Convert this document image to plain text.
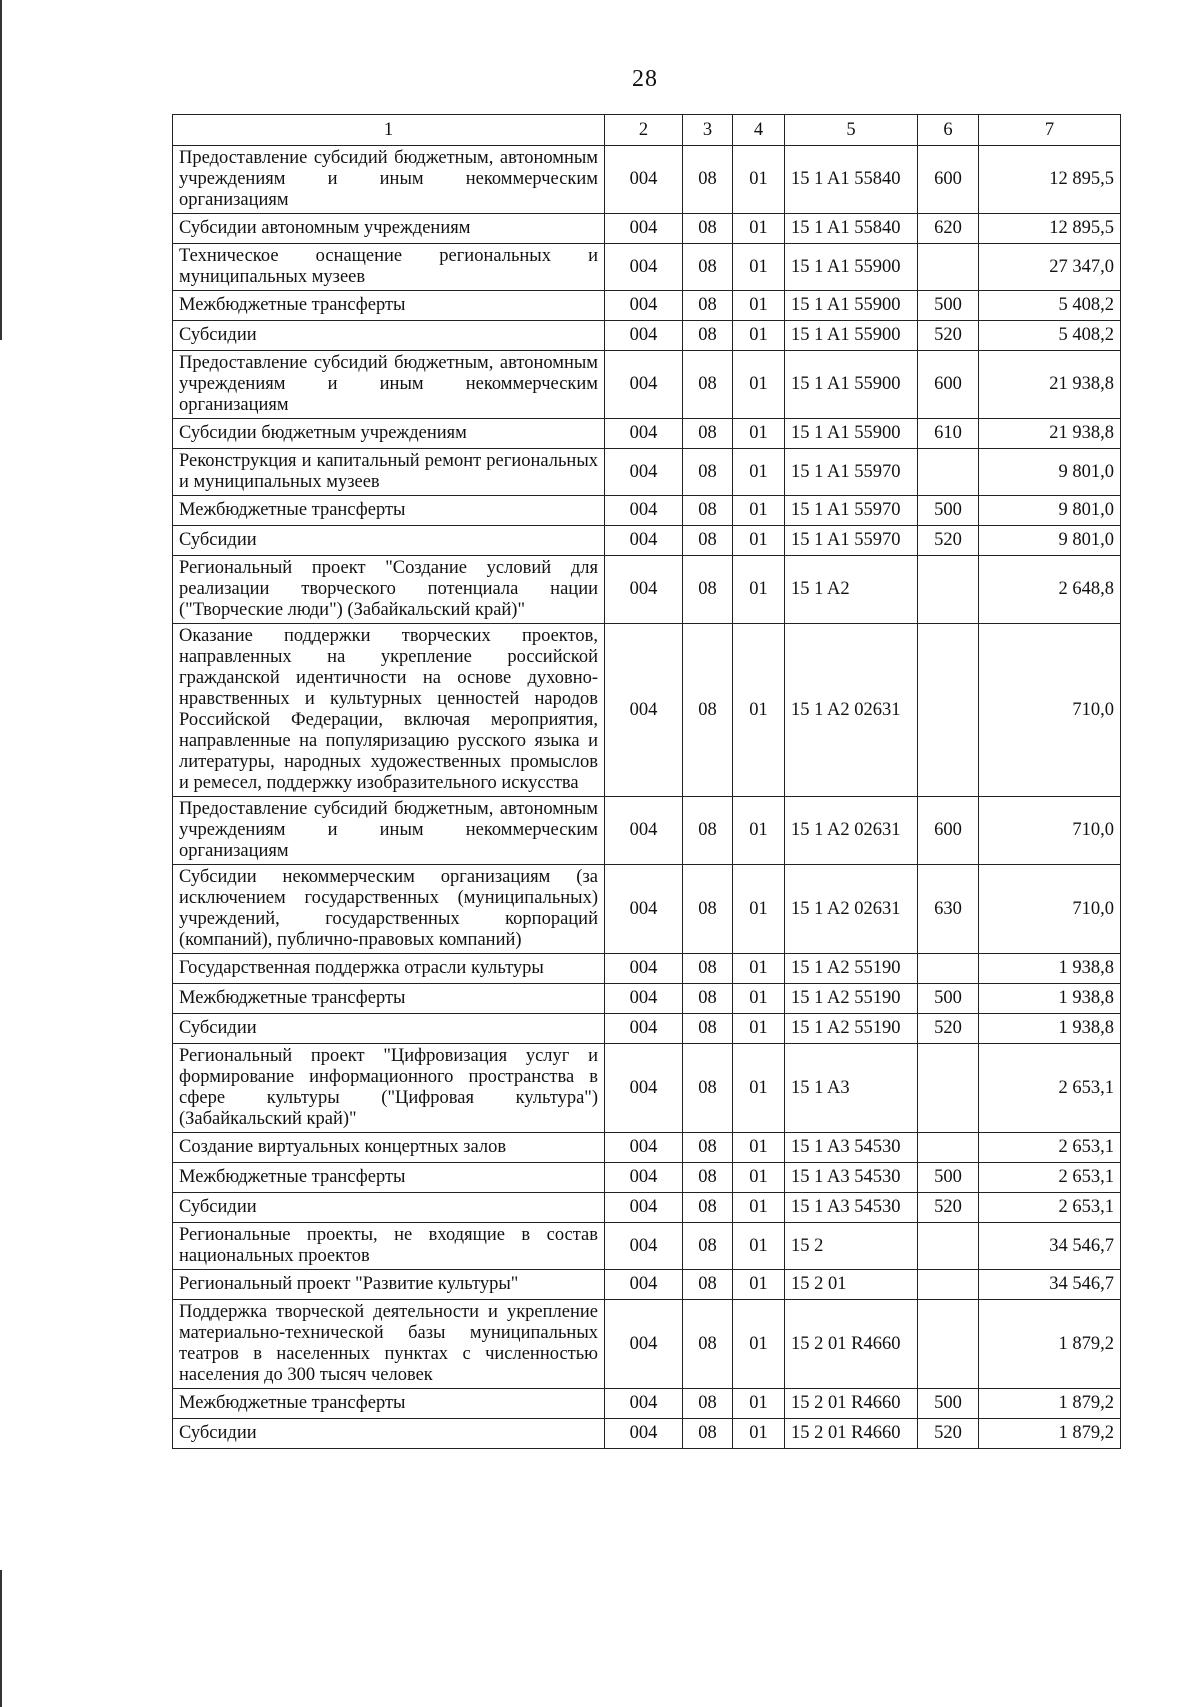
28
1	2	3	4	5	6	7
Предоставление субсидий бюджетным, автономным учреждениям и иным некоммерческим организациям	004	08	01	15 1 A1 55840	600	12 895,5
Субсидии автономным учреждениям	004	08	01	15 1 A1 55840	620	12 895,5
Техническое оснащение региональных и муниципальных музеев	004	08	01	15 1 A1 55900		27 347,0
Межбюджетные трансферты	004	08	01	15 1 A1 55900	500	5 408,2
Субсидии	004	08	01	15 1 A1 55900	520	5 408,2
Предоставление субсидий бюджетным, автономным учреждениям и иным некоммерческим организациям	004	08	01	15 1 A1 55900	600	21 938,8
Субсидии бюджетным учреждениям	004	08	01	15 1 A1 55900	610	21 938,8
Реконструкция и капитальный ремонт региональных и муниципальных музеев	004	08	01	15 1 A1 55970		9 801,0
Межбюджетные трансферты	004	08	01	15 1 A1 55970	500	9 801,0
Субсидии	004	08	01	15 1 A1 55970	520	9 801,0
Региональный проект "Создание условий для реализации творческого потенциала нации ("Творческие люди") (Забайкальский край)"	004	08	01	15 1 A2		2 648,8
Оказание поддержки творческих проектов, направленных на укрепление российской гражданской идентичности на основе духовно-нравственных и культурных ценностей народов Российской Федерации, включая мероприятия, направленные на популяризацию русского языка и литературы, народных художественных промыслов и ремесел, поддержку изобразительного искусства	004	08	01	15 1 A2 02631		710,0
Предоставление субсидий бюджетным, автономным учреждениям и иным некоммерческим организациям	004	08	01	15 1 A2 02631	600	710,0
Субсидии некоммерческим организациям (за исключением государственных (муниципальных) учреждений, государственных корпораций (компаний), публично-правовых компаний)	004	08	01	15 1 A2 02631	630	710,0
Государственная поддержка отрасли культуры	004	08	01	15 1 A2 55190		1 938,8
Межбюджетные трансферты	004	08	01	15 1 A2 55190	500	1 938,8
Субсидии	004	08	01	15 1 A2 55190	520	1 938,8
Региональный проект "Цифровизация услуг и формирование информационного пространства в сфере культуры ("Цифровая культура") (Забайкальский край)"	004	08	01	15 1 A3		2 653,1
Создание виртуальных концертных залов	004	08	01	15 1 A3 54530		2 653,1
Межбюджетные трансферты	004	08	01	15 1 A3 54530	500	2 653,1
Субсидии	004	08	01	15 1 A3 54530	520	2 653,1
Региональные проекты, не входящие в состав национальных проектов	004	08	01	15 2		34 546,7
Региональный проект "Развитие культуры"	004	08	01	15 2 01		34 546,7
Поддержка творческой деятельности и укрепление материально-технической базы муниципальных театров в населенных пунктах с численностью населения до 300 тысяч человек	004	08	01	15 2 01 R4660		1 879,2
Межбюджетные трансферты	004	08	01	15 2 01 R4660	500	1 879,2
Субсидии	004	08	01	15 2 01 R4660	520	1 879,2
